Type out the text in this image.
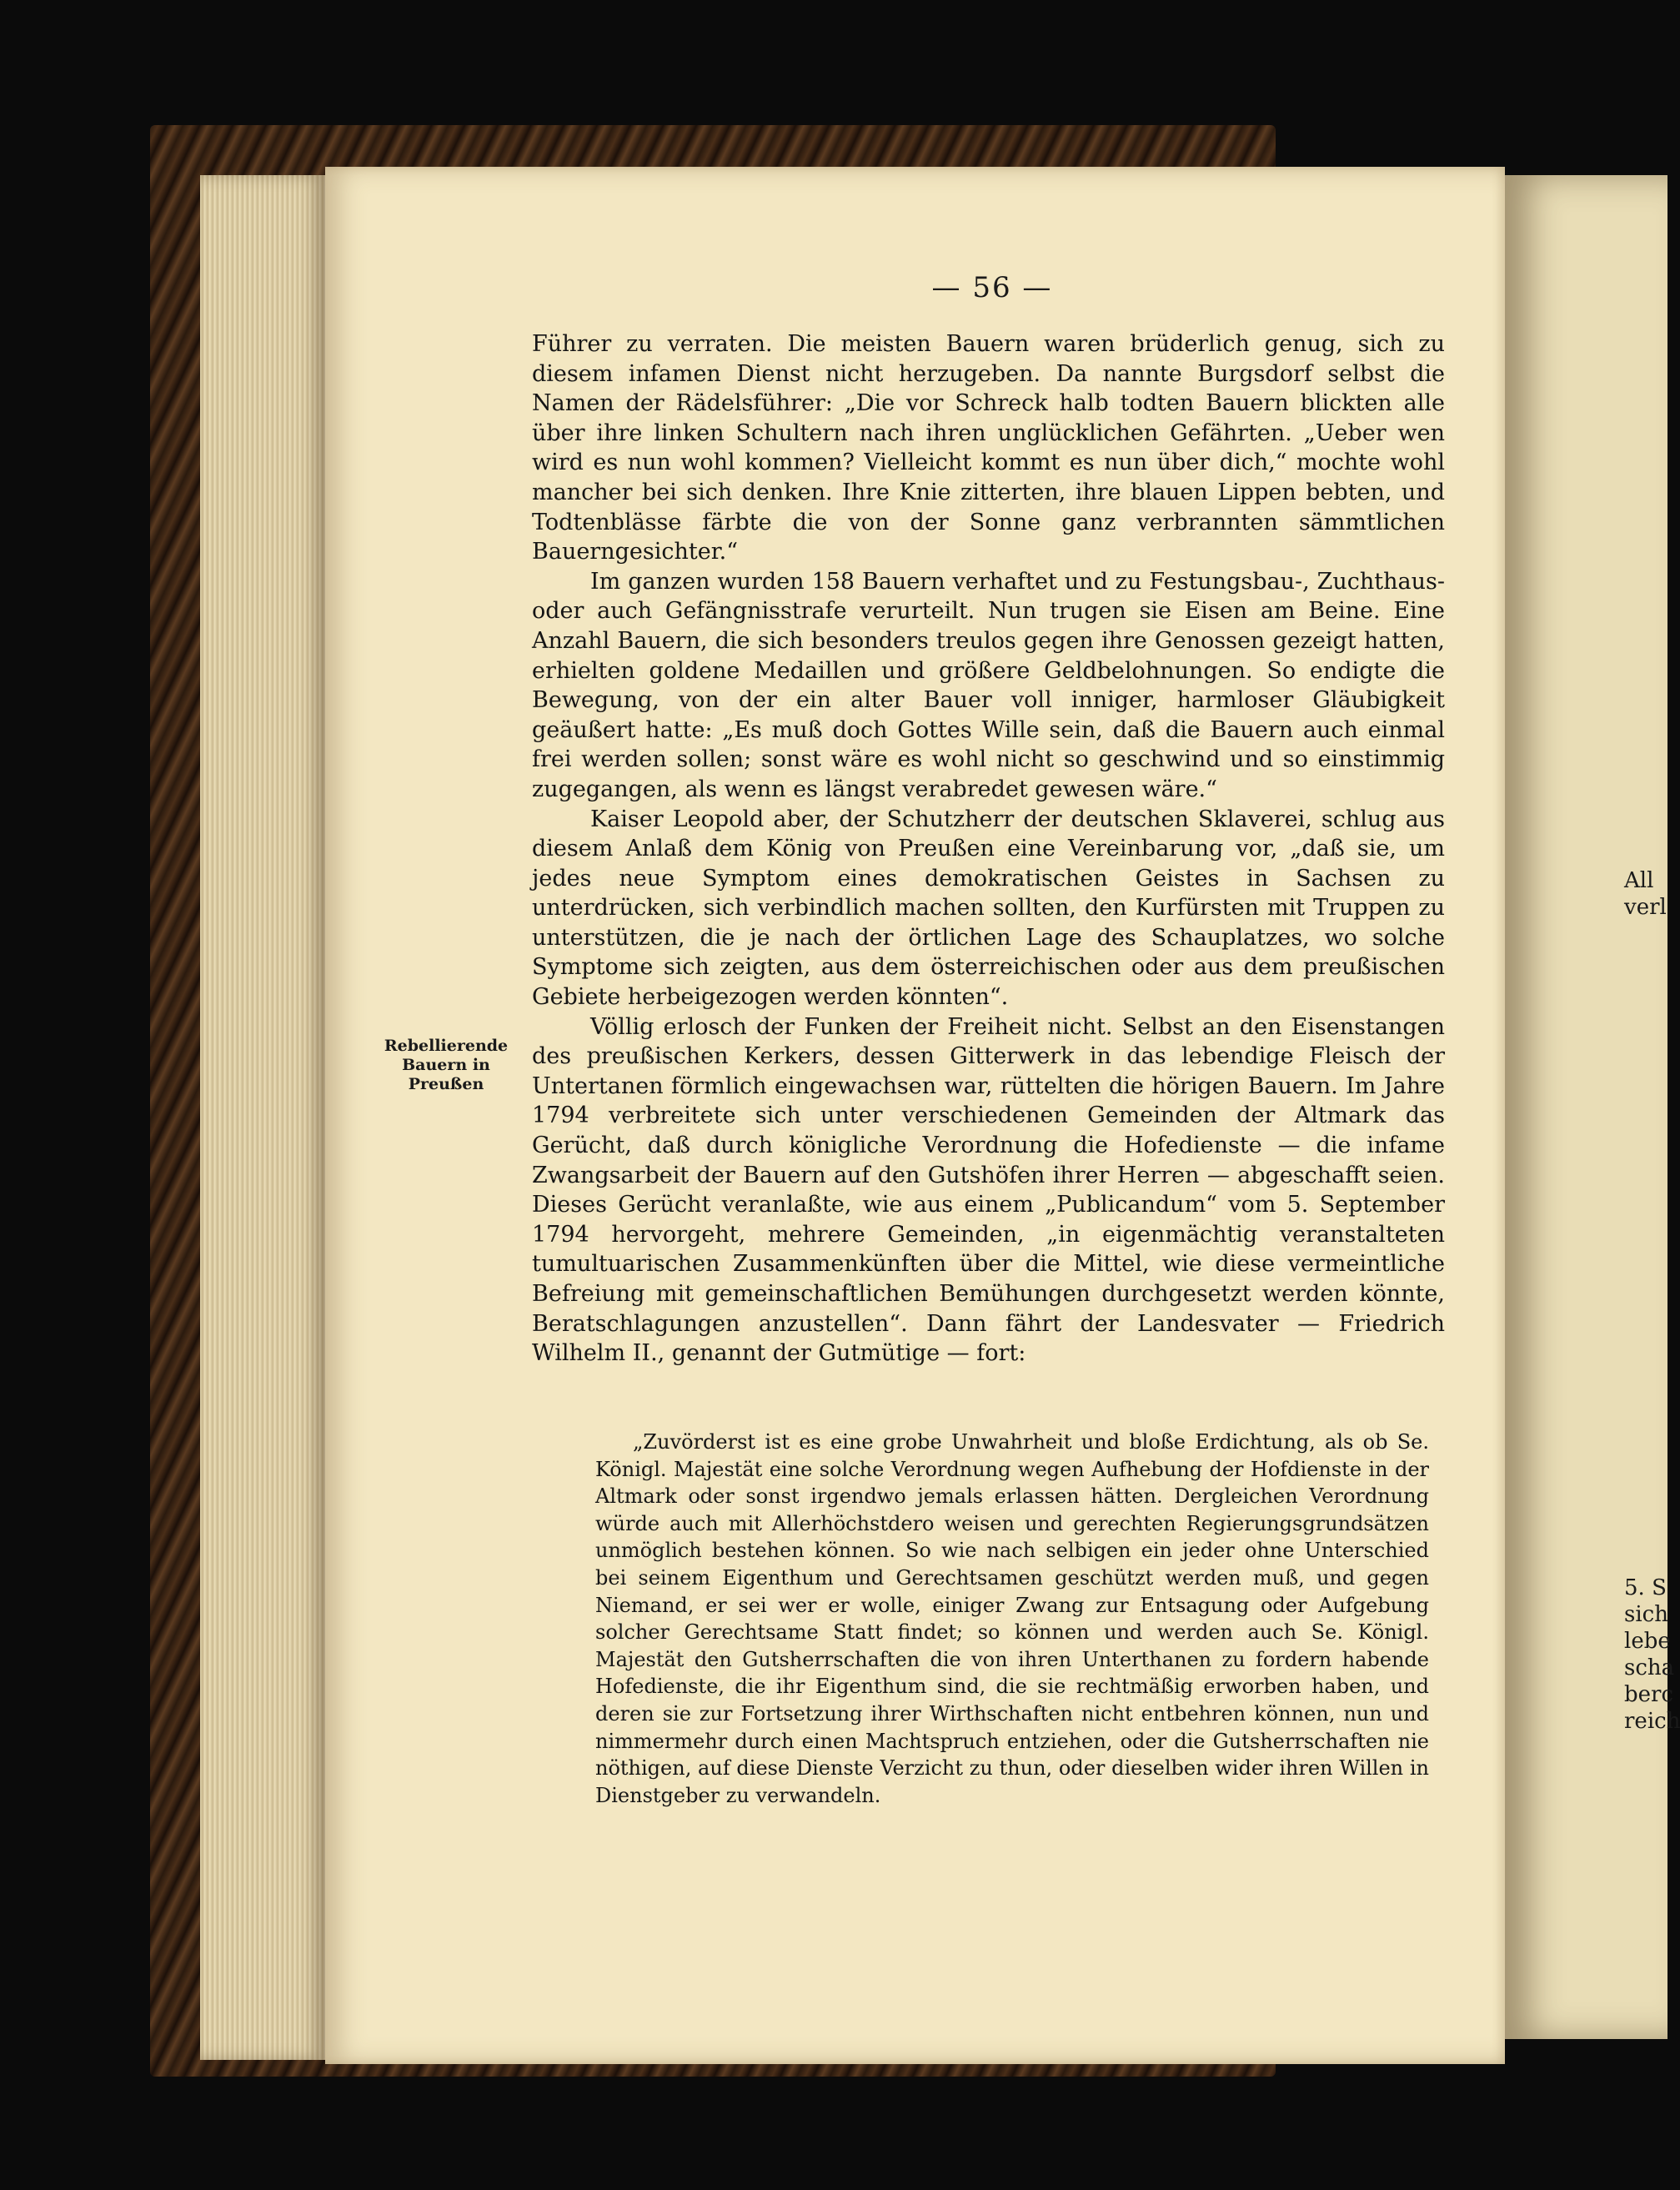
— 56 —
Rebellierende Bauern in Preußen

Führer zu verraten. Die meisten Bauern waren brüderlich genug, sich zu diesem infamen Dienst nicht herzugeben. Da nannte Burgsdorf selbst die Namen der Rädelsführer: „Die vor Schreck halb todten Bauern blickten alle über ihre linken Schultern nach ihren unglücklichen Gefährten. „Ueber wen wird es nun wohl kommen? Vielleicht kommt es nun über dich,“ mochte wohl mancher bei sich denken. Ihre Knie zitterten, ihre blauen Lippen bebten, und Todtenblässe färbte die von der Sonne ganz verbrannten sämmtlichen Bauerngesichter.“

Im ganzen wurden 158 Bauern verhaftet und zu Festungsbau-, Zuchthaus- oder auch Gefängnisstrafe verurteilt. Nun trugen sie Eisen am Beine. Eine Anzahl Bauern, die sich besonders treulos gegen ihre Genossen gezeigt hatten, erhielten goldene Medaillen und größere Geldbelohnungen. So endigte die Bewegung, von der ein alter Bauer voll inniger, harmloser Gläubigkeit geäußert hatte: „Es muß doch Gottes Wille sein, daß die Bauern auch einmal frei werden sollen; sonst wäre es wohl nicht so geschwind und so einstimmig zugegangen, als wenn es längst verabredet gewesen wäre.“

Kaiser Leopold aber, der Schutzherr der deutschen Sklaverei, schlug aus diesem Anlaß dem König von Preußen eine Vereinbarung vor, „daß sie, um jedes neue Symptom eines demokratischen Geistes in Sachsen zu unterdrücken, sich verbindlich machen sollten, den Kurfürsten mit Truppen zu unterstützen, die je nach der örtlichen Lage des Schauplatzes, wo solche Symptome sich zeigten, aus dem österreichischen oder aus dem preußischen Gebiete herbeigezogen werden könnten“.

Völlig erlosch der Funken der Freiheit nicht. Selbst an den Eisenstangen des preußischen Kerkers, dessen Gitterwerk in das lebendige Fleisch der Untertanen förmlich eingewachsen war, rüttelten die hörigen Bauern. Im Jahre 1794 verbreitete sich unter verschiedenen Gemeinden der Altmark das Gerücht, daß durch königliche Verordnung die Hofedienste — die infame Zwangsarbeit der Bauern auf den Gutshöfen ihrer Herren — abgeschafft seien. Dieses Gerücht veranlaßte, wie aus einem „Publicandum“ vom 5. September 1794 hervorgeht, mehrere Gemeinden, „in eigenmächtig veranstalteten tumultuarischen Zusammenkünften über die Mittel, wie diese vermeintliche Befreiung mit gemeinschaftlichen Bemühungen durchgesetzt werden könnte, Beratschlagungen anzustellen“. Dann fährt der Landesvater — Friedrich Wilhelm II., genannt der Gutmütige — fort:

„Zuvörderst ist es eine grobe Unwahrheit und bloße Erdichtung, als ob Se. Königl. Majestät eine solche Verordnung wegen Aufhebung der Hofdienste in der Altmark oder sonst irgendwo jemals erlassen hätten. Dergleichen Verordnung würde auch mit Allerhöchstdero weisen und gerechten Regierungsgrundsätzen unmöglich bestehen können. So wie nach selbigen ein jeder ohne Unterschied bei seinem Eigenthum und Gerechtsamen geschützt werden muß, und gegen Niemand, er sei wer er wolle, einiger Zwang zur Entsagung oder Aufgebung solcher Gerechtsame Statt findet; so können und werden auch Se. Königl. Majestät den Gutsherrschaften die von ihren Unterthanen zu fordern habende Hofedienste, die ihr Eigenthum sind, die sie rechtmäßig erworben haben, und deren sie zur Fortsetzung ihrer Wirthschaften nicht entbehren können, nun und nimmermehr durch einen Machtspruch entziehen, oder die Gutsherrschaften nie nöthigen, auf diese Dienste Verzicht zu thun, oder dieselben wider ihren Willen in Dienstgeber zu verwandeln.
All
verl
5. S
sich
lebe
scha
berc
reich
